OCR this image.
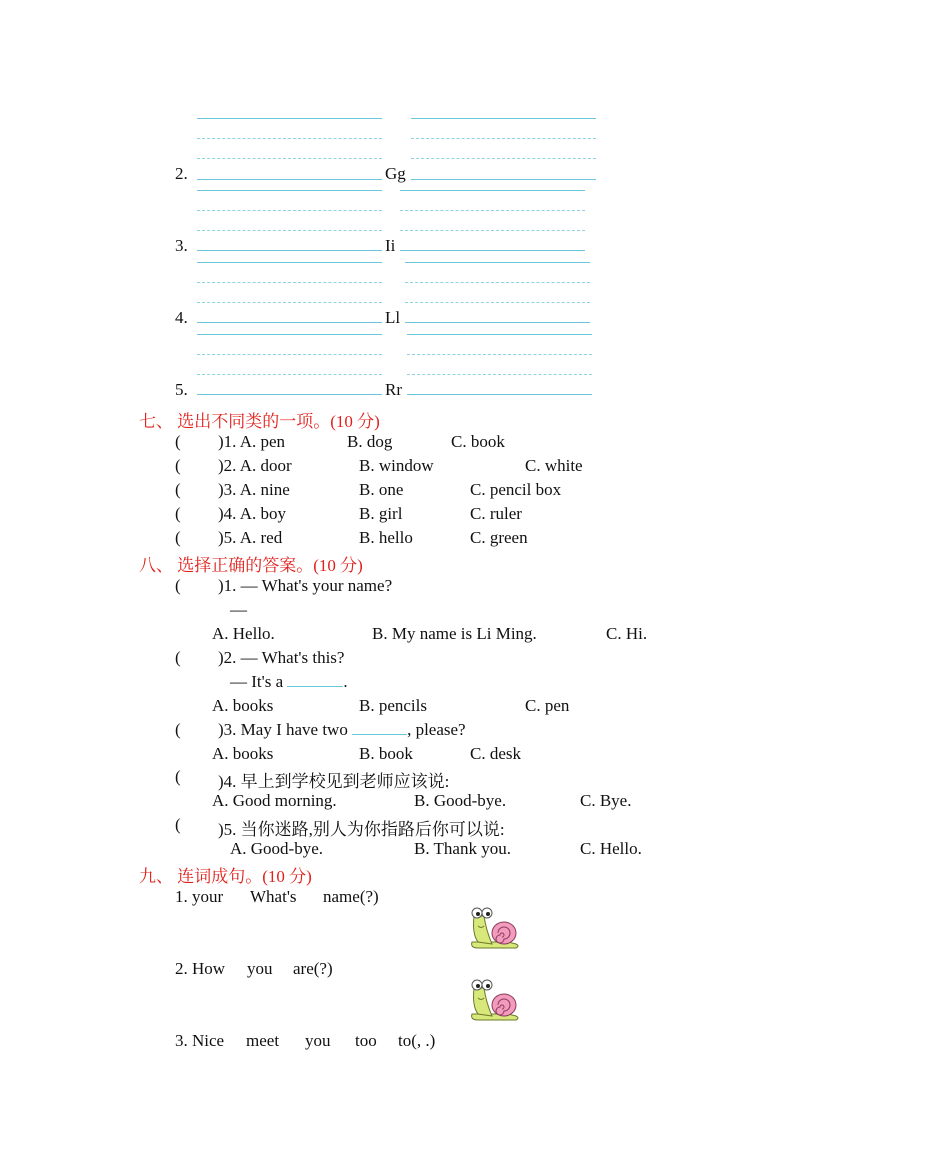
2.	Gg
3.	Ii
4.	Ll
5.	Rr
七、 选出不同类的一项。(10 分)
( )1. A. pen	B. dog	C. book
( )2. A. door	B. window	C. white
( )3. A. nine	B. one	C. pencil box
( )4. A. boy	B. girl	C. ruler
( )5. A. red	B. hello	C. green
八、 选择正确的答案。(10 分)
( )1. — What's your name?
—
A. Hello.	B. My name is Li Ming.	C. Hi.
( )2. — What's this?
— It's a	.
A. books	B. pencils	C. pen
( )3. May I have two	, please?
A. books	B. book	C. desk
( )4. 早上到学校见到老师应该说:
A. Good morning.	B. Good-bye.	C. Bye.
( )5. 当你迷路,别人为你指路后你可以说:
A. Good-bye.	B. Thank you.	C. Hello.
九、 连词成句。(10 分)
1. your What's name(?)
2. How you are(?)
3. Nice meet you too to(, .)
